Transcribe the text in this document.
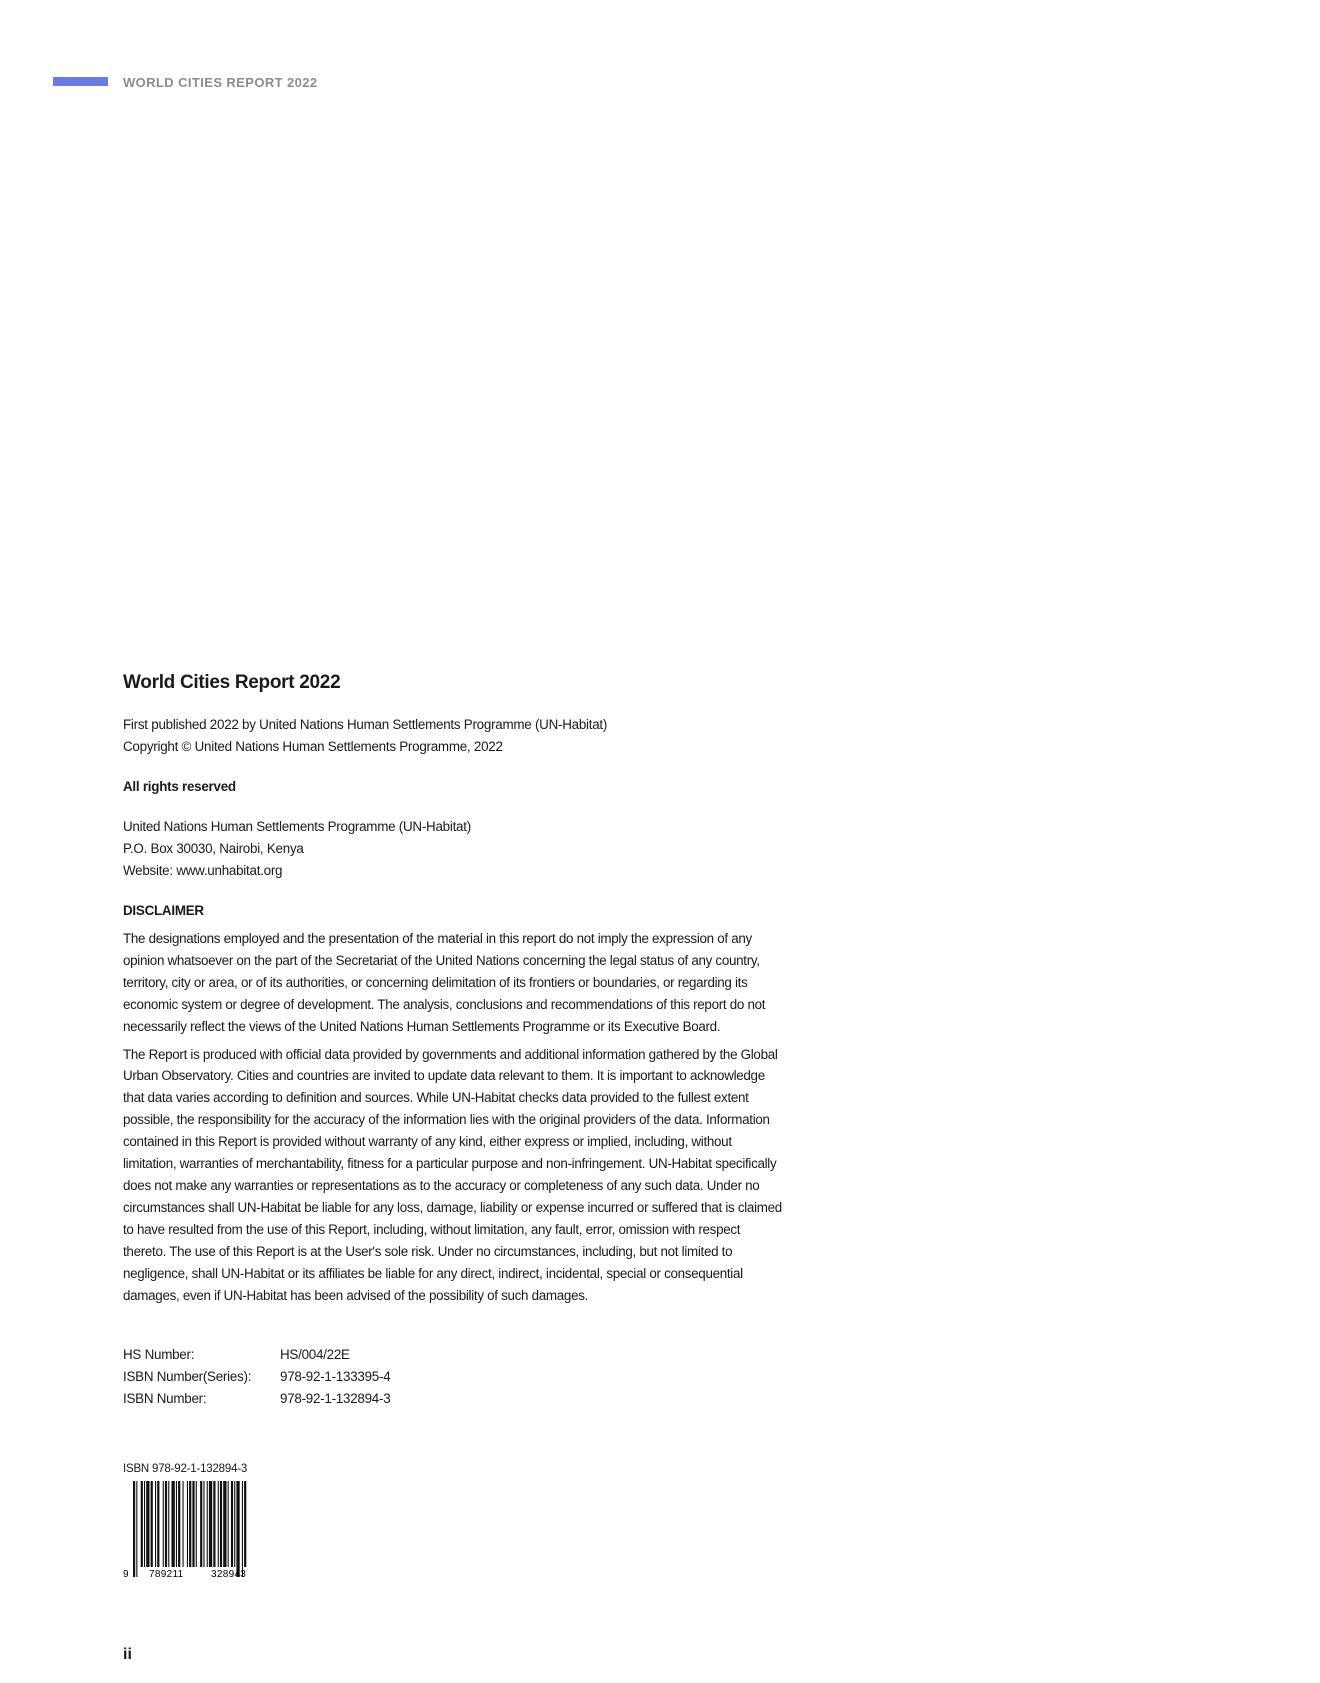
WORLD CITIES REPORT 2022
World Cities Report 2022
First published 2022 by United Nations Human Settlements Programme (UN-Habitat)
Copyright © United Nations Human Settlements Programme, 2022
All rights reserved
United Nations Human Settlements Programme (UN-Habitat)
P.O. Box 30030, Nairobi, Kenya
Website: www.unhabitat.org
DISCLAIMER

The designations employed and the presentation of the material in this report do not imply the expression of any opinion whatsoever on the part of the Secretariat of the United Nations concerning the legal status of any country, territory, city or area, or of its authorities, or concerning delimitation of its frontiers or boundaries, or regarding its economic system or degree of development. The analysis, conclusions and recommendations of this report do not necessarily reflect the views of the United Nations Human Settlements Programme or its Executive Board.

The Report is produced with official data provided by governments and additional information gathered by the Global Urban Observatory. Cities and countries are invited to update data relevant to them. It is important to acknowledge that data varies according to definition and sources. While UN-Habitat checks data provided to the fullest extent possible, the responsibility for the accuracy of the information lies with the original providers of the data. Information contained in this Report is provided without warranty of any kind, either express or implied, including, without limitation, warranties of merchantability, fitness for a particular purpose and non-infringement. UN-Habitat specifically does not make any warranties or representations as to the accuracy or completeness of any such data. Under no circumstances shall UN-Habitat be liable for any loss, damage, liability or expense incurred or suffered that is claimed to have resulted from the use of this Report, including, without limitation, any fault, error, omission with respect thereto. The use of this Report is at the User's sole risk. Under no circumstances, including, but not limited to negligence, shall UN-Habitat or its affiliates be liable for any direct, indirect, incidental, special or consequential damages, even if UN-Habitat has been advised of the possibility of such damages.

HS Number:	HS/004/22E
ISBN Number(Series):	978-92-1-133395-4
ISBN Number:	978-92-1-132894-3
9 789211	328943
ISBN 978-92-1-132894-3
ii
